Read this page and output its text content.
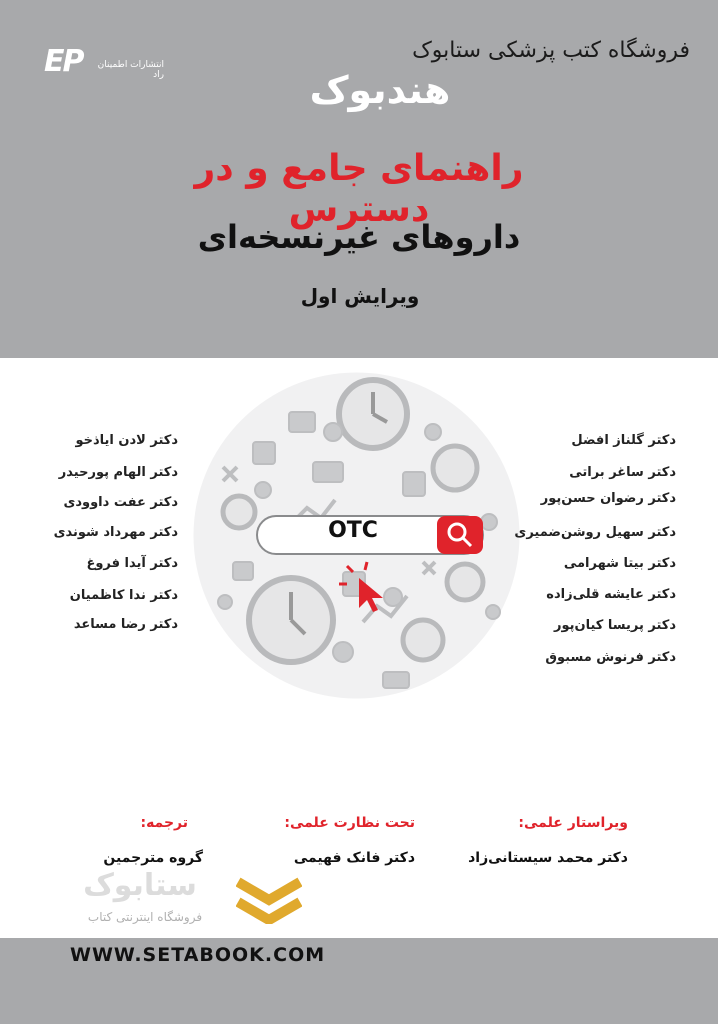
فروشگاه کتب پزشکی ستابوک
EP	انتشارات اطمینان راد	هندبوک
راهنمای جامع و در دسترس
داروهای غیرنسخه‌ای
ویرایش اول
OTC
دکتر گلناز افضل
دکتر ساغر براتی
دکتر رضوان حسن‌پور
دکتر سهیل روشن‌ضمیری
دکتر بیتا شهرامی
دکتر عایشه قلی‌زاده
دکتر پریسا کیان‌پور
دکتر فرنوش مسبوق
دکتر لادن ایاذخو
دکتر الهام پورحیدر
دکتر عفت داوودی
دکتر مهرداد شوندی
دکتر آیدا فروغ
دکتر ندا کاظمیان
دکتر رضا مساعد
ویراستار علمی:
دکتر محمد سیستانی‌زاد
تحت نظارت علمی:
دکتر فانک فهیمی
ترجمه:
گروه مترجمین
ستابوک
فروشگاه اینترنتی کتاب
WWW.SETABOOK.COM
